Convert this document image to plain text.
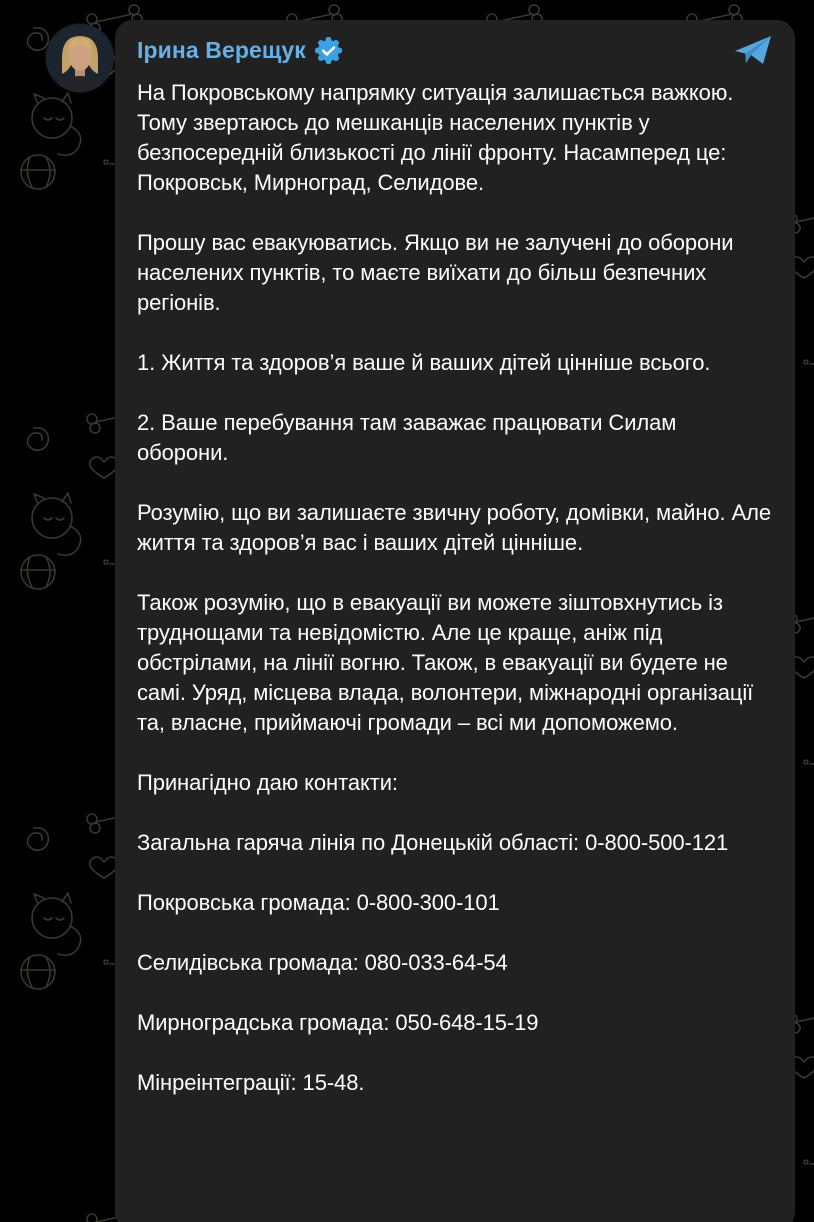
Ірина Верещук
На Покровському напрямку ситуація залишається важкою. Тому звертаюсь до мешканців населених пунктів у безпосередній близькості до лінії фронту. Насамперед це: Покровськ, Мирноград, Селидове.
Прошу вас евакуюватись. Якщо ви не залучені до оборони населених пунктів, то маєте виїхати до більш безпечних регіонів.
1. Життя та здоров’я ваше й ваших дітей цінніше всього.
2. Ваше перебування там заважає працювати Силам оборони.
Розумію, що ви залишаєте звичну роботу, домівки, майно. Але життя та здоров’я вас і ваших дітей цінніше.
Також розумію, що в евакуації ви можете зіштовхнутись із труднощами та невідомістю. Але це краще, аніж під обстрілами, на лінії вогню. Також, в евакуації ви будете не самі. Уряд, місцева влада, волонтери, міжнародні організації та, власне, приймаючі громади – всі ми допоможемо.
Принагідно даю контакти:
Загальна гаряча лінія по Донецькій області: 0-800-500-121
Покровська громада: 0-800-300-101
Селидівська громада: 080-033-64-54
Мирноградська громада: 050-648-15-19
Мінреінтеграції: 15-48.
